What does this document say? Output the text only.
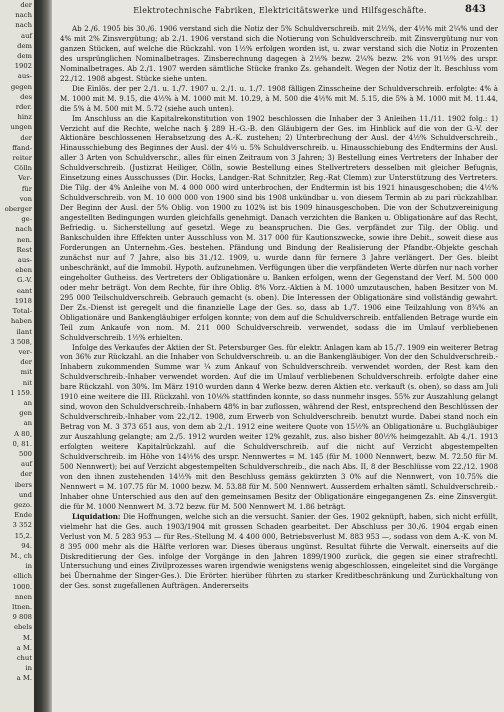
der
nach
nach
auf
dem
dem
1902
aus-
gegen
des
rder.
hinz
ungen
der
ffand-
reiter
Cölln
Ver-
für
von
oberger
ge-
nach
nen.
Rest
aus-
eben
G.-V.
eant
1918
Total-
haben
ilant
3 508,
ver-
der
mit
nit
1 159.
an
gen
an
A 80,
0, 81.
500
auf
der
ibers
und
gezo.
Ende
3 352
15,2.
94.
M., ch
in
ellich
1000.
nnen
ltnen.
9 808
ebels
M.
a M.
chut
in
a M.
Elektrotechnische Fabriken, Elektricitätswerke und Hilfsgeschäfte.	843

Ab 2./6. 1905 bis 30./6. 1906 verstand sich die Notiz der 5% Schuldverschreib. mit 2½%, der 4½% mit 2¼% und der 4% mit 2% Zinsvergütung; ab 2./1. 1906 verstand sich die Notierung von Schuldverschreib. mit Zinsvergütung nur von ganzen Stücken, auf welche die Rückzahl. von 1½% erfolgen worden ist, u. zwar verstand sich die Notiz in Prozenten des ursprünglichen Nominalbetrages. Zinsberechnung dagegen à 2½% bezw. 2¼% bezw. 2% von 91½% des urspr. Nominalbetrages. Ab 2./1. 1907 werden sämtliche Stücke franko Zs. gehandelt. Wegen der Notiz der lt. Beschluss vom 22./12. 1908 abgest. Stücke siehe unten.

Die Einlös. der per 2./1. u. 1./7. 1907 u. 2./1. u. 1./7. 1908 fälligen Zinsscheine der Schuldverschreib. erfolgte: 4% à M. 1000 mit M. 9.15, die 4½% à M. 1000 mit M. 10.29, à M. 500 die 4½% mit M. 5.15, die 5% à M. 1000 mit M. 11.44, die 5% à M. 500 mit M. 5.72 (siehe auch unten).

Im Anschluss an die Kapitalrekonstitution von 1902 beschlossen die Inhaber der 3 Anleihen 11./11. 1902 folg.: 1) Verzicht auf die Rechte, welche nach § 289 H.-G.-B. den Gläubigern der Ges. im Hinblick auf die von der G.-V. der Aktionäre beschlossenen Herabsetzung des A.-K. zustehen; 2) Unterbrechung der Ausl. der 4½% Schuldverschreib., Hinausschiebung des Beginnes der Ausl. der 4½ u. 5% Schuldverschreib. u. Hinausschiebung des Endtermins der Ausl. aller 3 Arten von Schuldverschr., alles für einen Zeitraum von 3 Jahren; 3) Bestellung eines Vertreters der Inhaber der Schuldverschreib. (Justizrat Heiliger, Cölln, sowie Bestellung eines Stellvertreters desselben mit gleicher Befugnis, Einsetzung eines Ausschusses (Dir. Hocks, Landger.-Rat Schnitzler, Reg.-Rat Clemm) zur Unterstützung des Vertreters. Die Tilg. der 4% Anleihe von M. 4 000 000 wird unterbrochen, der Endtermin ist bis 1921 hinausgeschoben; die 4½% Schuldverschreib. von M. 10 000 000 von 1900 sind bis 1908 unkündbar u. von diesem Termin ab zu pari rückzahlbar. Der Beginn der Ausl. der 5% Oblig. von 1900 zu 102% ist bis 1909 hinausgeschoben. Die von der Schutzvereinigung angestellten Bedingungen wurden gleichfalls genehmigt. Danach verzichten die Banken u. Obligationäre auf das Recht, Befriedig. u. Sicherstellung auf gesetzl. Wege zu beanspruchen. Die Ges. verpfändet zur Tilg. der Oblig. und Bankschulden ihre Effekten unter Ausschluss von M. 317 000 für Kautionszwecke, sowie ihre Debit., soweit diese aus Forderungen an Unternehm.-Ges. bestehen. Pfändung und Bindung der Realisierung der Pfandbr.-Objekte geschah zunächst nur auf 7 Jahre, also bis 31./12. 1909, u. wurde dann für fernere 3 Jahre verlängert. Der Ges. bleibt unbeschränkt, auf die Immobil. Hypoth. aufzunehmen. Verfügungen über die verpfändeten Werte dürfen nur nach vorher eingeholter Gutheiss. des Vertreters der Obligationäre u. Banken erfolgen, wenn der Gegenstand der Verf. M. 500 000 oder mehr beträgt. Von dem Rechte, für ihre Oblig. 8% Vorz.-Aktien à M. 1000 umzutauschen, haben Besitzer von M. 295 000 Teilschuldverschreib. Gebrauch gemacht (s. oben). Die Interessen der Obligationäre sind vollständig gewahrt. Der Zs.-Dienst ist geregelt und die finanzielle Lage der Ges. so, dass ab 1./7. 1906 eine Teilzahlung von 8¾% an Obligationäre und Bankengläubiger erfolgen konnte; von dem auf die Schuldverschreib. entfallenden Betrage wurde ein Teil zum Ankaufe von nom. M. 211 000 Schuldverschreib. verwendet, sodass die im Umlauf verbliebenen Schuldverschreib. 1½% erhielten.

Infolge des Verkaufes der Aktien der St. Petersburger Ges. für elektr. Anlagen kam ab 15./7. 1909 ein weiterer Betrag von 36% zur Rückzahl. an die Inhaber von Schuldverschreib. u. an die Bankengläubiger. Von der den Schuldverschreib.-Inhabern zukommenden Summe war ¼ zum Ankauf von Schuldverschreib. verwendet worden, der Rest kam den Schuldverschreib.-Inhaber verwendet worden. Auf die im Umlauf verbliebenen Schuldverschreib. erfolgte daher eine bare Rückzahl. von 30%. Im März 1910 wurden dann 4 Werke bezw. deren Aktien etc. verkauft (s. oben), so dass am Juli 1910 eine weitere die III. Rückzahl. von 10⅛% stattfinden konnte, so dass nunmehr insges. 55% zur Auszahlung gelangt sind, wovon den Schuldverschreib.-Inhabern 48% in bar zuflossen, während der Rest, entsprechend den Beschlüssen der Schuldverschreib.-Inhaber vom 22./12. 1908, zum Erwerb von Schuldverschreib. benutzt wurde. Dabei stand noch ein Betrag von M. 3 373 651 aus, von dem ab 2./1. 1912 eine weitere Quote von 15½% an Obligationäre u. Buchgläubiger zur Auszahlung gelangte; am 2./5. 1912 wurden weiter 12% gezahlt, zus. also bisher 80½% heimgezahlt. Ab 4./1. 1913 erfolgten weitere Kapitalrückzahl. auf die Schuldverschreib. auf die nicht auf Verzicht abgestempelten Schuldverschreib. im Höhe von 14½% des urspr. Nennwertes = M. 145 (für M. 1000 Nennwert, bezw. M. 72.50 für M. 500 Nennwert); bei auf Verzicht abgestempelten Schuldverschreib., die nach Abs. II, 8 der Beschlüsse vom 22./12. 1908 von den ihnen zustehenden 14½% mit den Beschluss gemäss gekürzten 3 0% auf die Nennwert, von 10.75% die Nennwert = M. 107.75 für M. 1000 bezw. M. 53.88 für M. 500 Nennwert. Ausserdem erhalten sämtl. Schuldverschreib.-Inhaber ohne Unterschied aus den auf den gemeinsamen Besitz der Obligationäre eingegangenen Zs. eine Zinsvergüt. die für M. 1000 Nennwert M. 3.72 bezw. für M. 500 Nennwert M. 1.86 beträgt.

Liquidation: Die Hoffnungen, welche sich an die versucht. Sanier. der Ges. 1902 geknüpft, haben, sich nicht erfüllt, vielmehr hat die Ges. auch 1903/1904 mit grossen Schaden gearbeitet. Der Abschluss per 30./6. 1904 ergab einen Verlust von M. 5 283 953 — für Res.-Stellung M. 4 400 000, Betriebsverlust M. 883 953 —, sodass von dem A.-K. von M. 8 395 000 mehr als die Hälfte verloren war. Dieses überaus ungünst. Resultat führte die Verwalt. einerseits auf die Diskreditierung der Ges. infolge der Vorgänge in den Jahren 1899/1900 zurück, die gegen sie einer strafrechtl. Untersuchung und eines Zivilprozesses waren irgendwie wenigstens wenig abgeschlossen, eingeleitet sind die Vorgänge bei Übernahme der Singer-Ges.). Die Erörter. hierüber führten zu starker Kreditbeschränkung und Zurückhaltung von der Ges. sonst zugefallenen Aufträgen. Andererseits
